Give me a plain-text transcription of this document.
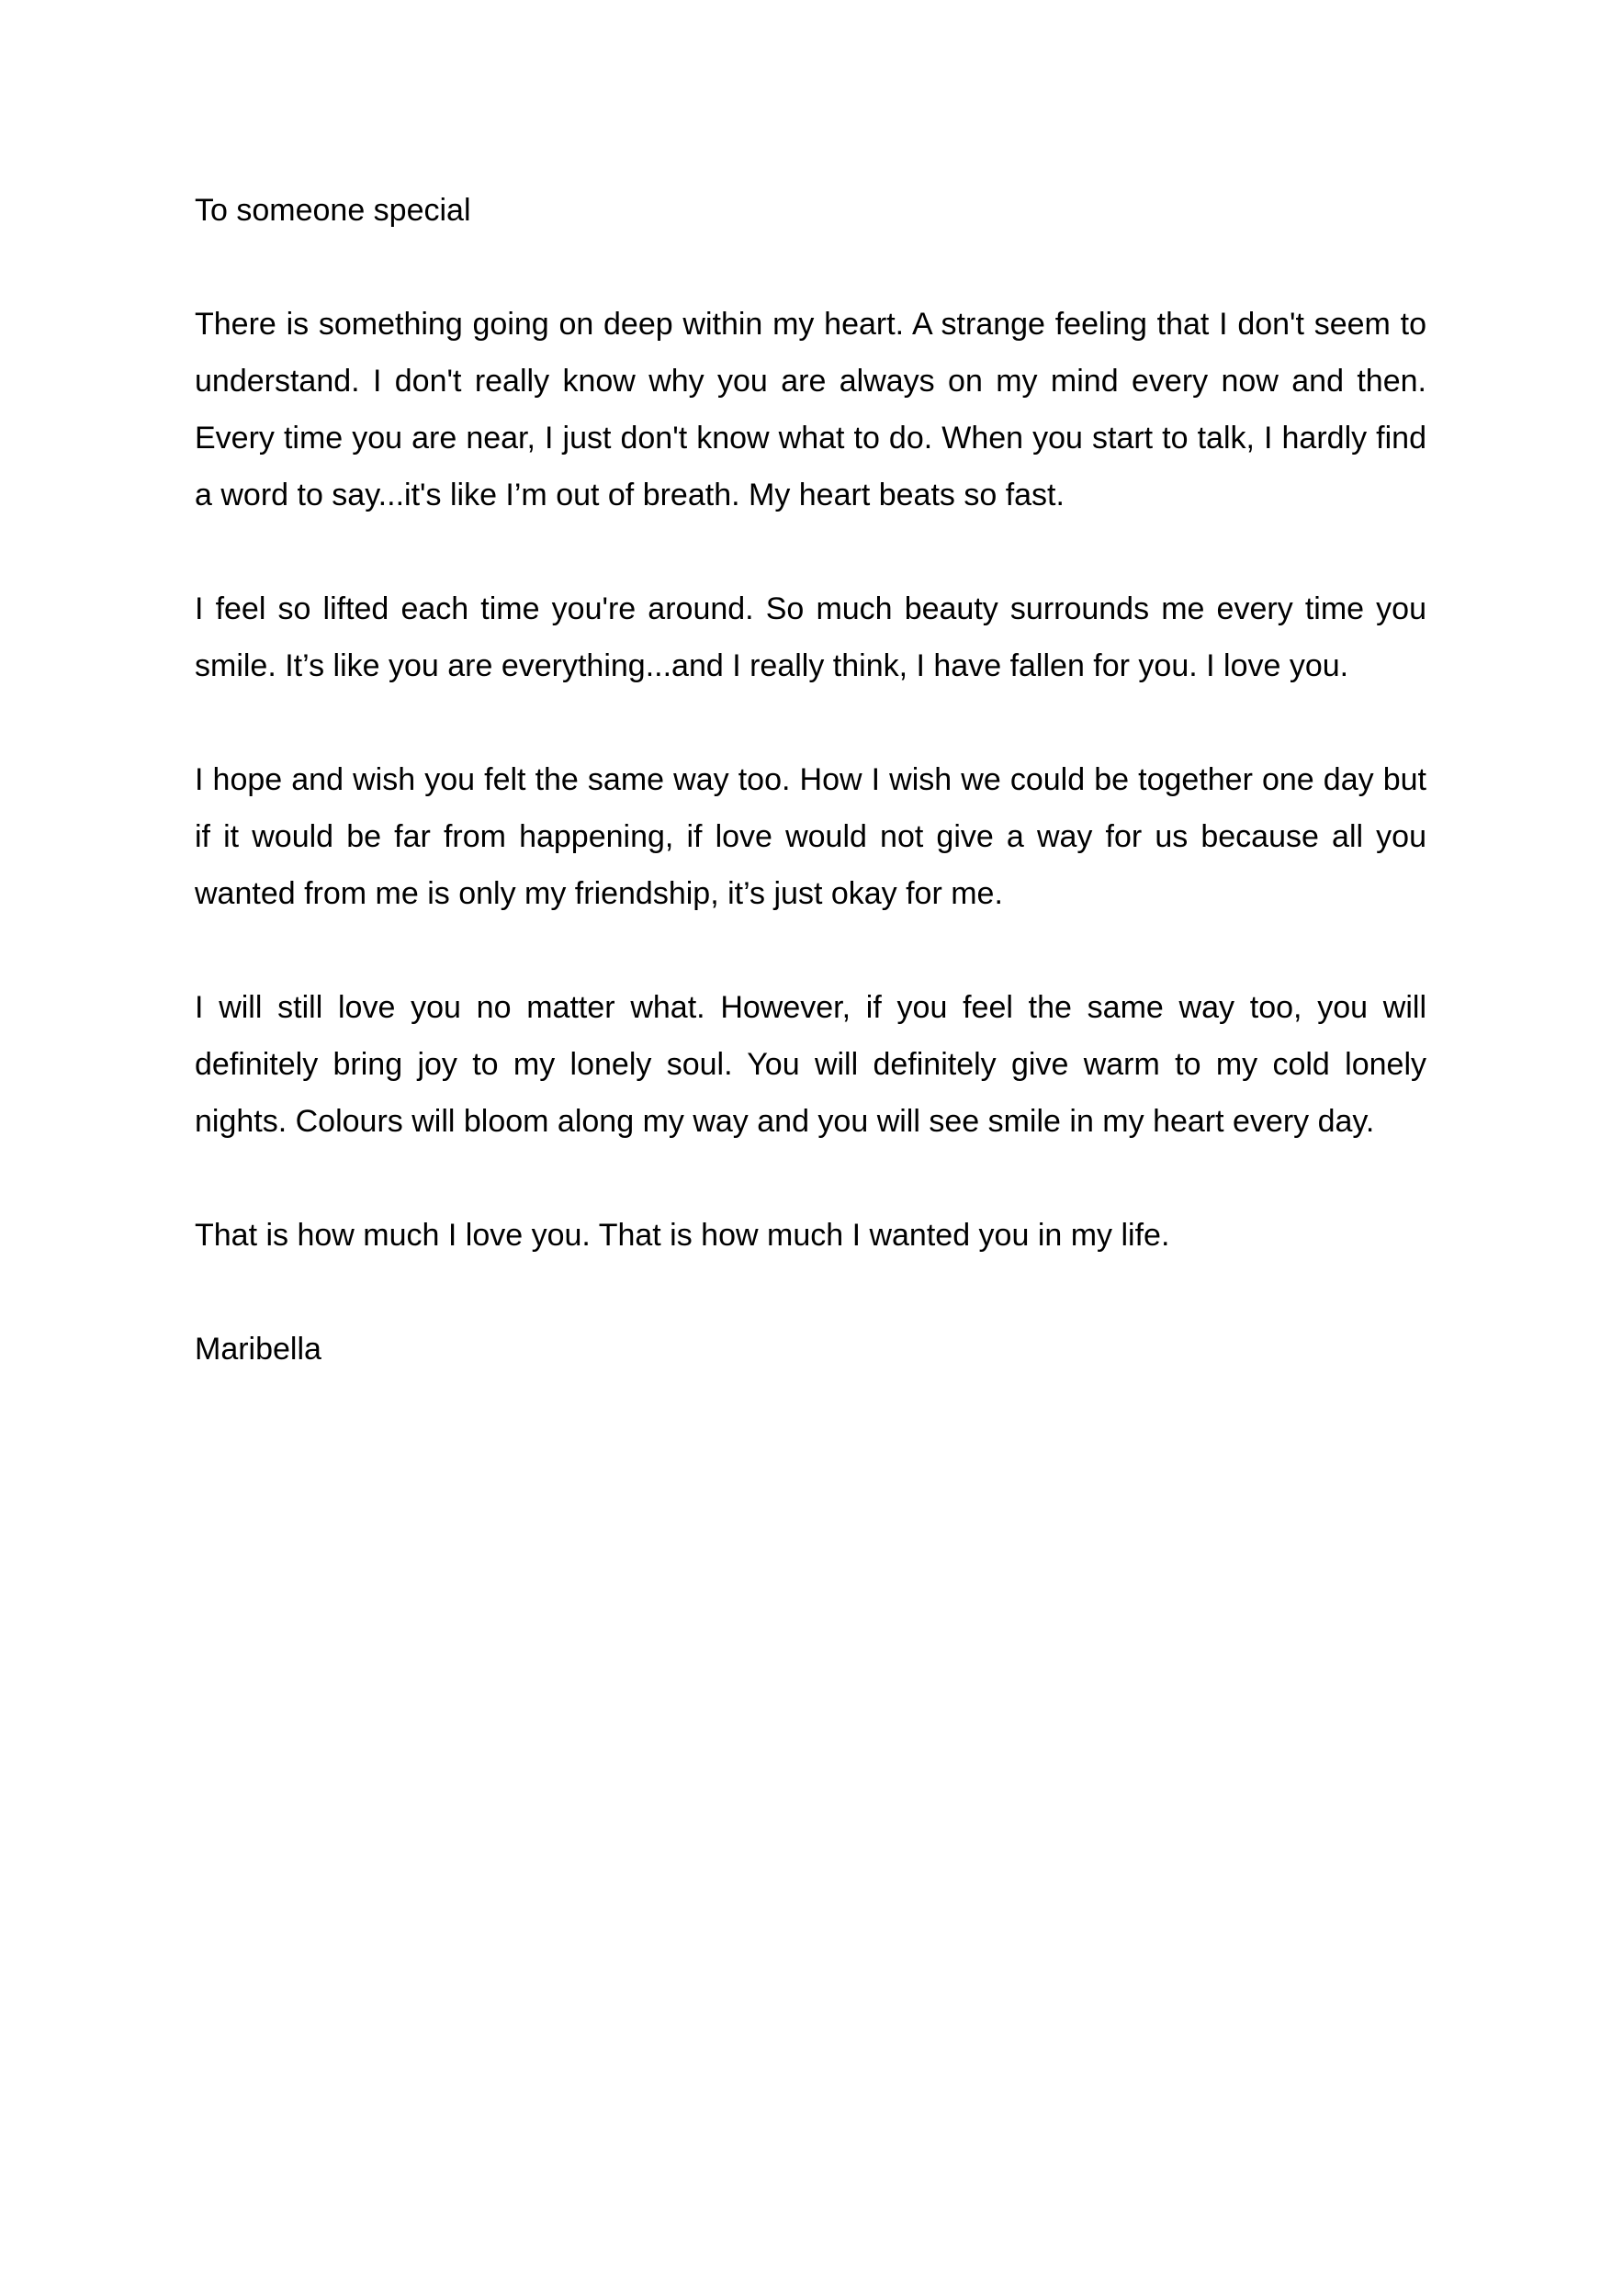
To someone special

There is something going on deep within my heart. A strange feeling that I don't seem to understand. I don't really know why you are always on my mind every now and then. Every time you are near, I just don't know what to do. When you start to talk, I hardly find a word to say...it's like I’m out of breath. My heart beats so fast.

I feel so lifted each time you're around. So much beauty surrounds me every time you smile. It’s like you are everything...and I really think, I have fallen for you. I love you.

I hope and wish you felt the same way too. How I wish we could be together one day but if it would be far from happening, if love would not give a way for us because all you wanted from me is only my friendship, it’s just okay for me.

I will still love you no matter what. However, if you feel the same way too, you will definitely bring joy to my lonely soul. You will definitely give warm to my cold lonely nights. Colours will bloom along my way and you will see smile in my heart every day.

That is how much I love you. That is how much I wanted you in my life.

Maribella
